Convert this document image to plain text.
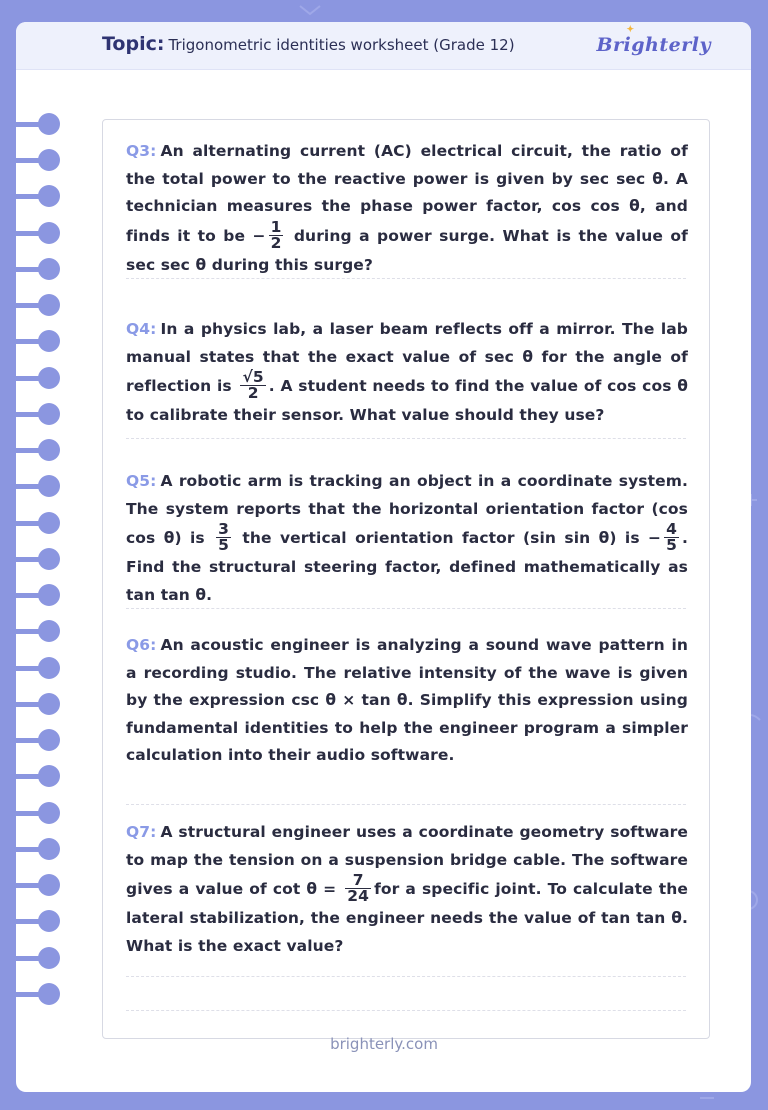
Topic: Trigonometric identities worksheet (Grade 12)	Brighterly
✦
Q3: An alternating current (AC) electrical circuit, the ratio of the total power to the reactive power is given by sec sec θ. A technician measures the phase power factor, cos cos θ, and finds it to be − $\frac{1}{2}$ during a power surge. What is the value of sec sec θ during this surge?
Q4: In a physics lab, a laser beam reflects off a mirror. The lab manual states that the exact value of sec θ for the angle of reflection is $\frac{√5}{2}$ . A student needs to find the value of cos cos θ to calibrate their sensor. What value should they use?
Q5: A robotic arm is tracking an object in a coordinate system. The system reports that the horizontal orientation factor (cos cos θ) is $\frac{3}{5}$ the vertical orientation factor (sin sin θ) is − $\frac{4}{5}$ . Find the structural steering factor, defined mathematically as tan tan θ.
Q6: An acoustic engineer is analyzing a sound wave pattern in a recording studio. The relative intensity of the wave is given by the expression csc θ × tan θ. Simplify this expression using fundamental identities to help the engineer program a simpler calculation into their audio software.
Q7: A structural engineer uses a coordinate geometry software to map the tension on a suspension bridge cable. The software gives a value of $\cot \theta = \frac{7}{24}$ for a specific joint. To calculate the lateral stabilization, the engineer needs the value of tan tan θ. What is the exact value?
brighterly.com
